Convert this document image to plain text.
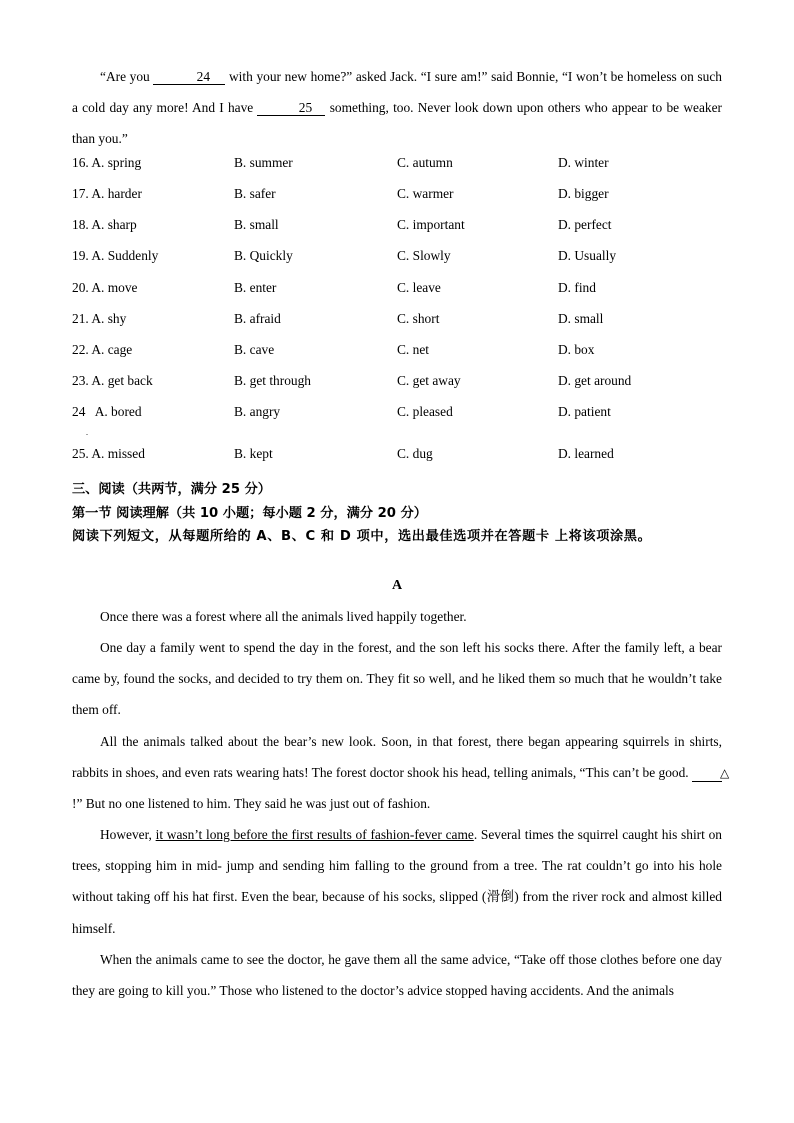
“Are you	24 with your new home?” asked Jack. “I sure am!” said Bonnie, “I won’t be homeless on such a cold day any more! And I have	25 something, too. Never look down upon others who appear to be weaker than you.”

16. A. spring	B. summer	C. autumn	D. winter
17. A. harder	B. safer	C. warmer	D. bigger
18. A. sharp	B. small	C. important	D. perfect
19. A. Suddenly	B. Quickly	C. Slowly	D. Usually
20. A. move	B. enter	C. leave	D. find
21. A. shy	B. afraid	C. short	D. small
22. A. cage	B. cave	C. net	D. box
23. A. get back	B. get through	C. get away	D. get around
24   A. bored	B. angry	C. pleased	D. patient
25. A. missed	B. kept	C. dug	D. learned
.

三、阅读（共两节，满分 25 分）

第一节 阅读理解（共 10 小题；每小题 2 分，满分 20 分）

阅读下列短文，从每题所给的 A、B、C 和 D 项中，选出最佳选项并在答题卡 上将该项涂黑。

A

Once there was a forest where all the animals lived happily together.

One day a family went to spend the day in the forest, and the son left his socks there. After the family left, a bear came by, found the socks, and decided to try them on. They fit so well, and he liked them so much that he wouldn’t take them off.

All the animals talked about the bear’s new look. Soon, in that forest, there began appearing squirrels in shirts, rabbits in shoes, and even rats wearing hats! The forest doctor shook his head, telling animals, “This can’t be good. △!” But no one listened to him. They said he was just out of fashion.

However, it wasn’t long before the first results of fashion-fever came. Several times the squirrel caught his shirt on trees, stopping him in mid- jump and sending him falling to the ground from a tree. The rat couldn’t go into his hole without taking off his hat first. Even the bear, because of his socks, slipped (滑倒) from the river rock and almost killed himself.

When the animals came to see the doctor, he gave them all the same advice, “Take off those clothes before one day they are going to kill you.” Those who listened to the doctor’s advice stopped having accidents. And the animals
